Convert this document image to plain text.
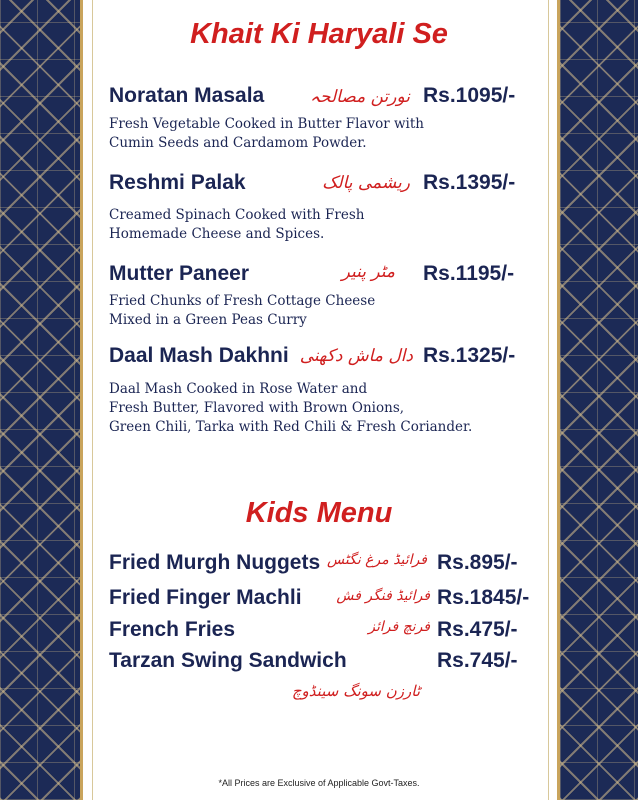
Khait Ki Haryali Se
Noratan Masala	نورتن مصالحہ Rs.1095/-
Fresh Vegetable Cooked in Butter Flavor with
Cumin Seeds and Cardamom Powder.
Reshmi Palak	ریشمی پالک Rs.1395/-
Creamed Spinach Cooked with Fresh
Homemade Cheese and Spices.
Mutter Paneer	مٹر پنیر Rs.1195/-
Fried Chunks of Fresh Cottage Cheese
Mixed in a Green Peas Curry
Daal Mash Dakhni دال ماش دکھنی Rs.1325/-
Daal Mash Cooked in Rose Water and
Fresh Butter, Flavored with Brown Onions,
Green Chili, Tarka with Red Chili & Fresh Coriander.
Kids Menu
Fried Murgh Nuggets فرائیڈ مرغ نگٹس Rs.895/-
Fried Finger Machli فرائیڈ فنگر فش Rs.1845/-
French Fries	فرنچ فرائز Rs.475/-
Tarzan Swing Sandwich	Rs.745/-
ٹارزن سونگ سینڈوچ
*All Prices are Exclusive of Applicable Govt-Taxes.
